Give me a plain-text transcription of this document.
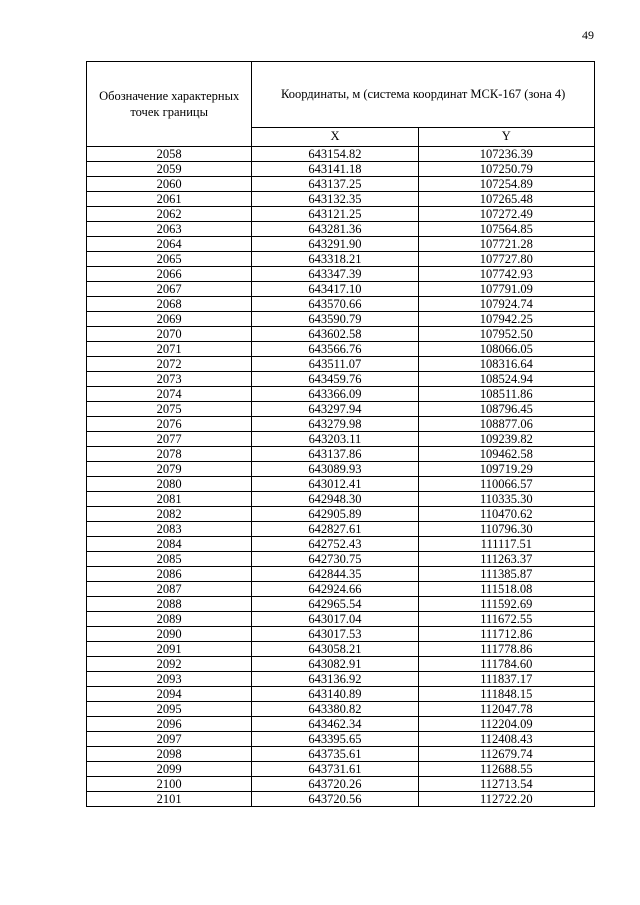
49
Обозначение характерных точек границы	Координаты, м (система координат МСК-167 (зона 4)	
	X	Y
2058	643154.82	107236.39
2059	643141.18	107250.79
2060	643137.25	107254.89
2061	643132.35	107265.48
2062	643121.25	107272.49
2063	643281.36	107564.85
2064	643291.90	107721.28
2065	643318.21	107727.80
2066	643347.39	107742.93
2067	643417.10	107791.09
2068	643570.66	107924.74
2069	643590.79	107942.25
2070	643602.58	107952.50
2071	643566.76	108066.05
2072	643511.07	108316.64
2073	643459.76	108524.94
2074	643366.09	108511.86
2075	643297.94	108796.45
2076	643279.98	108877.06
2077	643203.11	109239.82
2078	643137.86	109462.58
2079	643089.93	109719.29
2080	643012.41	110066.57
2081	642948.30	110335.30
2082	642905.89	110470.62
2083	642827.61	110796.30
2084	642752.43	111117.51
2085	642730.75	111263.37
2086	642844.35	111385.87
2087	642924.66	111518.08
2088	642965.54	111592.69
2089	643017.04	111672.55
2090	643017.53	111712.86
2091	643058.21	111778.86
2092	643082.91	111784.60
2093	643136.92	111837.17
2094	643140.89	111848.15
2095	643380.82	112047.78
2096	643462.34	112204.09
2097	643395.65	112408.43
2098	643735.61	112679.74
2099	643731.61	112688.55
2100	643720.26	112713.54
2101	643720.56	112722.20
